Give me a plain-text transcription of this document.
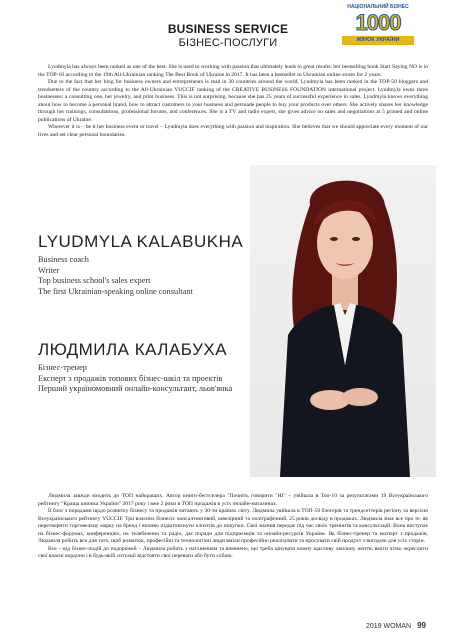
BUSINESS SERVICE
БІЗНЕС-ПОСЛУГИ
НАЦІОНАЛЬНИЙ БІЗНЕС
1000
ЖІНОК УКРАЇНИ

Lyudmyla has always been ranked as one of the best. She is used to working with passion that ultimately leads to great results: her bestselling book Start Saying NO is in the TOP-10 according to the 19th All-Ukrainian ranking The Best Book of Ukraine in 2017. It has been a bestseller in Ukrainian online stores for 2 years.

Due to the fact that her blog for business owners and entrepreneurs is read in 30 countries around the world, Lyudmyla has been ranked in the TOP-50 bloggers and trendsetters of the country according to the All-Ukrainian YUCCIF ranking of the CREATIVE BUSINESS FOUNDATION international project. Lyudmyla owns three businesses: a consulting one, her jewelry, and print business. This is not surprising, because she has 25 years of successful experience in sales. Lyudmyla knows everything about how to become a personal brand, how to attract customers to your business and persuade people to buy your products over others. She actively shares her knowledge through her trainings, consultations, professional forums, and conferences. She is a TV and radio expert, she gives advice on sales and negotiations at 5 printed and online publications of Ukraine.

Wherever it is – be it her business event or travel – Lyudmyla does everything with passion and inspiration. She believes that we should appreciate every moment of our lives and set clear personal boundaries.

LYUDMYLA KALABUKHA
Business coach
Writer
Top business school's sales expert
The first Ukrainian-speaking online consultant
ЛЮДМИЛА КАЛАБУХА
Бізнес-тренер
Експерт з продажів топових бізнес-шкіл та проектів
Перший україномовний онлайн-консультант, льов'янка

Людмила завжди входить до ТОП найкращих. Автор книги-бестселера "Почніть говорити "НІ" – увійшла в Топ-10 за результатами 19 Всеукраїнського рейтингу "Краща книжка України" 2017 року і вже 2 роки в ТОП продажів в усіх онлайн-магазинах.

Її блог з порадами щодо розвитку бізнесу та продажів читають у 30-ти країнах світу. Людмила увійшла в ТОП-50 блогерів та трендсеттерів регіону за версією Всеукраїнського рейтингу YUCCIF. Три власних бізнеси: консалтинговий, ювелірний та поліграфічний. 25 років досвіду в продажах. Людмила знає все про те, як перетворити торговельну марку на бренд і впливо підштовхнути клієнтів до покупки. Свої знання передає під час своїх тренінгів та консультацій. Вона виступає на бізнес-форумах, конференціях, на телебаченні та радіо, дає поради для підприємців та онлайн-ресурсів України. Як бізнес-тренер та експерт з продажів, Людмила робить все для того, щоб розвиток, професійні та технологічні люди вміли професійно реалізувати та просувати свій продукт з вигодою для усіх сторін.

Все – від бізнес-подій до подорожей – Людмила робить з натхненням та впевнено, що треба цінувати кожну щасливу хвилину життя, вміти чітко окреслити свої власні кордони і в будь-якій ситуації відстояти свої переваги або бути собою.

2019 WOMAN 99
